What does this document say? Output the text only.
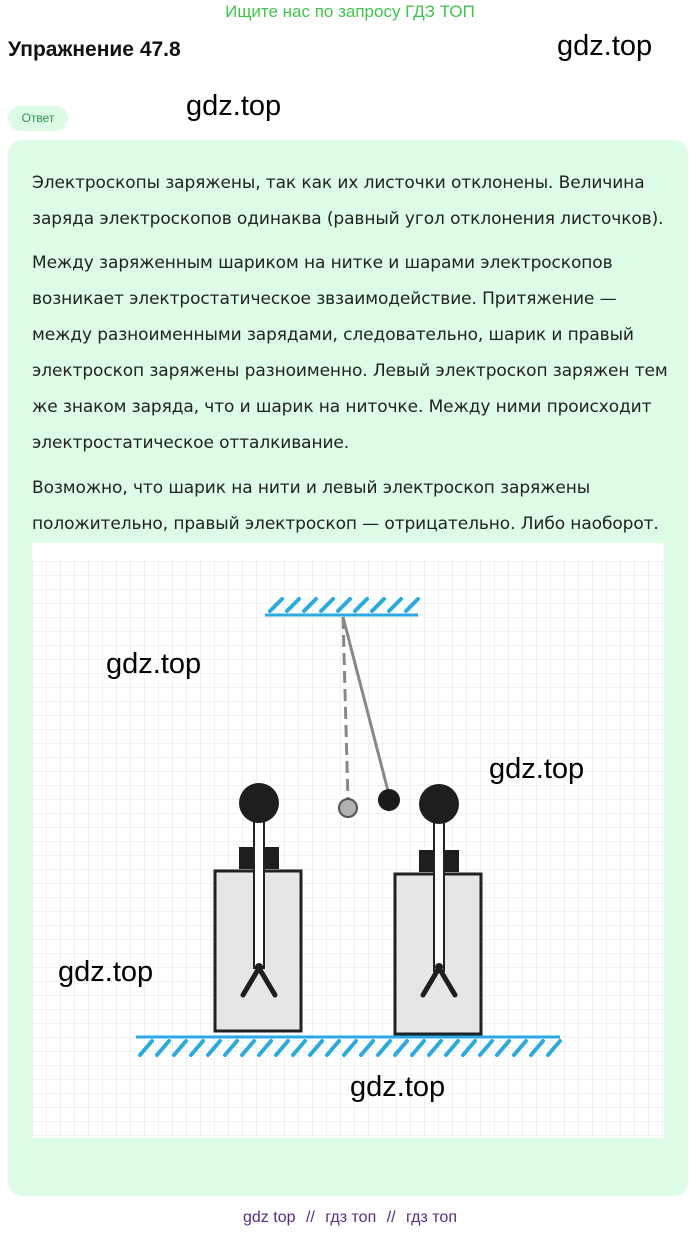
Ищите нас по запросу ГДЗ ТОП
Упражнение 47.8	gdz.top
gdz.top
Ответ
Электроскопы заряжены, так как их листочки отклонены. Величина заряда электроскопов одинаква (равный угол отклонения листочков).
Между заряженным шариком на нитке и шарами электроскопов возникает электростатическое звзаимодействие. Притяжение — между разноименными зарядами, следовательно, шарик и правый электроскоп заряжены разноименно. Левый электроскоп заряжен тем же знаком заряда, что и шарик на ниточке. Между ними происходит электростатическое отталкивание.
Возможно, что шарик на нити и левый электроскоп заряжены положительно, правый электроскоп — отрицательно. Либо наоборот.
gdz.top
gdz.top
gdz.top
gdz.top
gdz top // гдз топ // гдз топ
